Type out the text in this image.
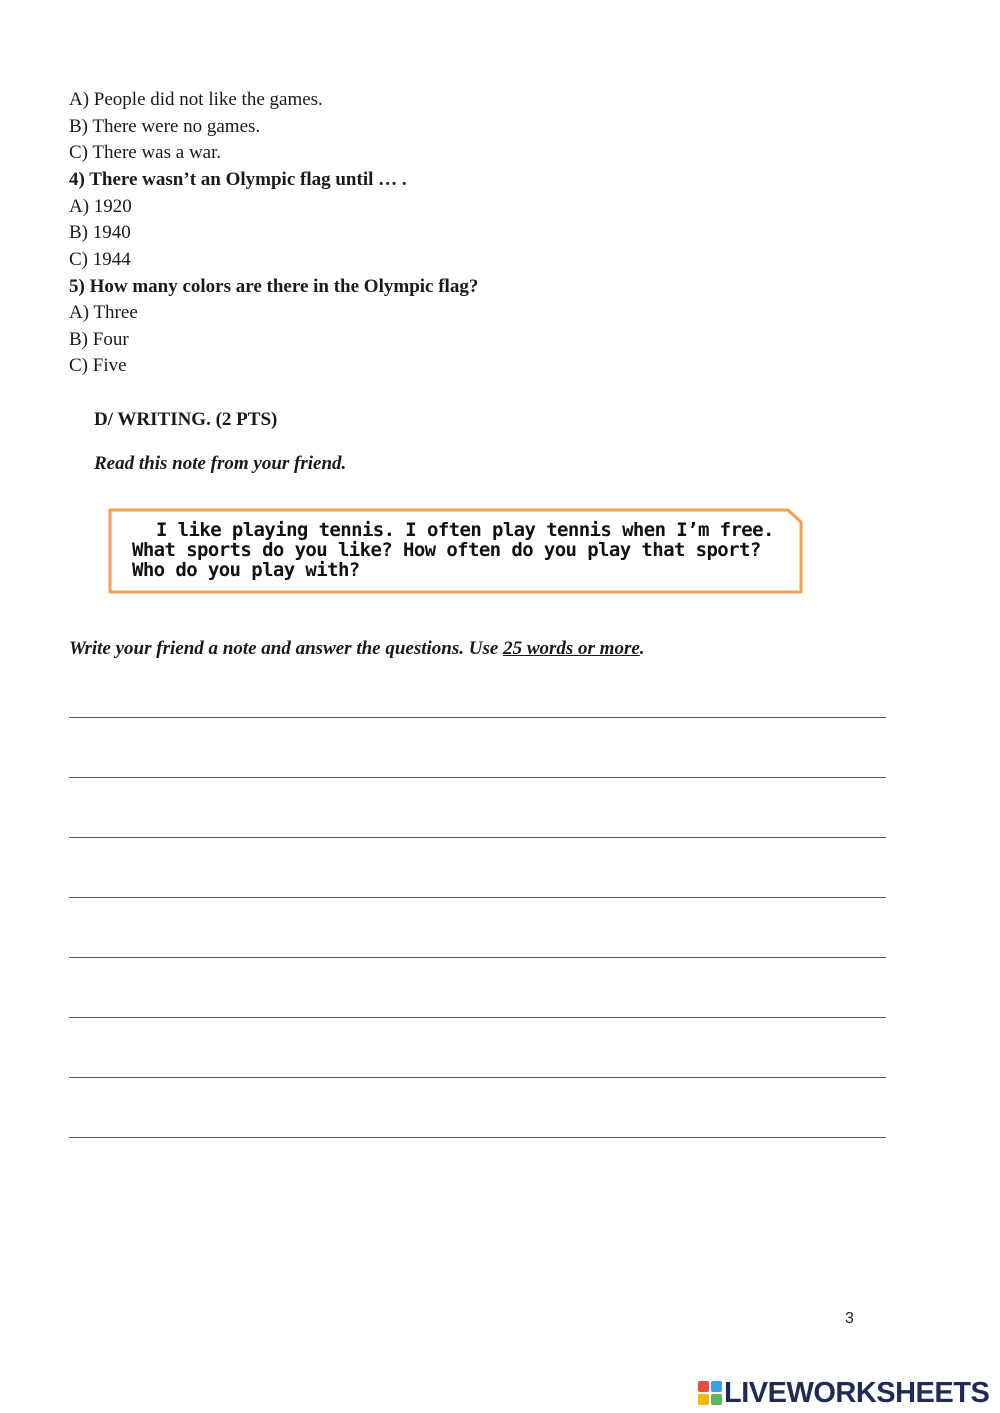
A) People did not like the games.
B) There were no games.
C) There was a war.
4) There wasn’t an Olympic flag until … .
A) 1920
B) 1940
C) 1944
5) How many colors are there in the Olympic flag?
A) Three
B) Four
C) Five
D/ WRITING. (2 PTS)
Read this note from your friend.
I like playing tennis. I often play tennis when I’m free.
What sports do you like? How often do you play that sport?
Who do you play with?
Write your friend a note and answer the questions. Use 25 words or more.
3
LIVEWORKSHEETS
